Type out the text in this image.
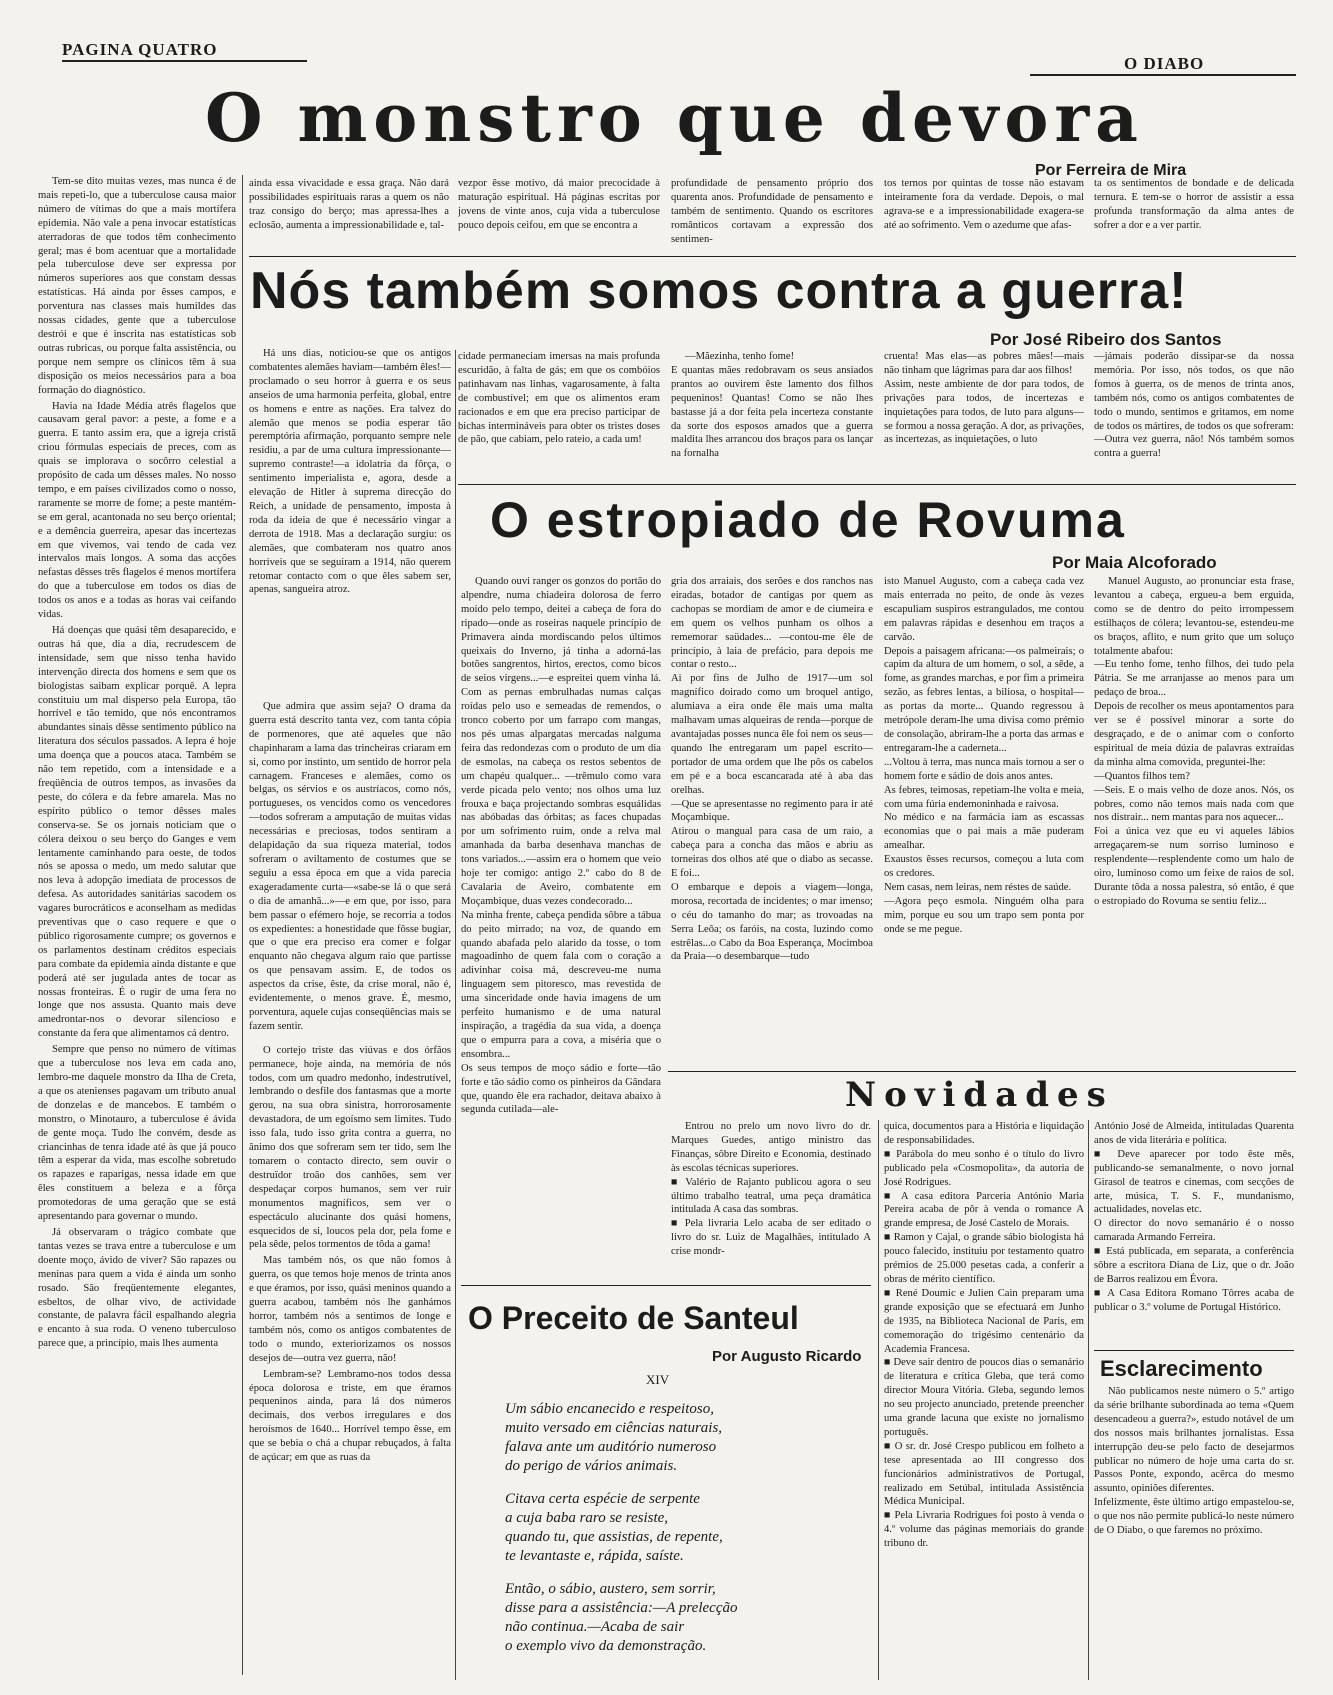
PAGINA QUATRO
O DIABO
O monstro que devora
Por Ferreira de Mira

Tem-se dito muitas vezes, mas nunca é de mais repeti-lo, que a tuberculose causa maior número de vítimas do que a mais mortífera epidemia. Não vale a pena invocar estatísticas aterradoras de que todos têm conhecimento geral; mas é bom acentuar que a mortalidade pela tuberculose deve ser expressa por números superiores aos que constam dessas estatísticas. Há ainda por êsses campos, e porventura nas classes mais humildes das nossas cidades, gente que a tuberculose destrói e que é inscrita nas estatísticas sob outras rubricas, ou porque falta assistência, ou porque nem sempre os clínicos têm à sua disposição os meios necessários para a boa formação do diagnóstico.

Havia na Idade Média atrês flagelos que causavam geral pavor: a peste, a fome e a guerra. E tanto assim era, que a igreja cristã criou fórmulas especiais de preces, com as quais se implorava o socôrro celestial a propósito de cada um dêsses males. No nosso tempo, e em países civilizados como o nosso, raramente se morre de fome; a peste mantém-se em geral, acantonada no seu berço oriental; e a demência guerreira, apesar das incertezas em que vivemos, vai tendo de cada vez intervalos mais longos. A soma das acções nefastas dêsses três flagelos é menos mortífera do que a tuberculose em todos os dias de todos os anos e a todas as horas vai ceifando vidas.

Há doenças que quási têm desaparecido, e outras há que, dia a dia, recrudescem de intensidade, sem que nisso tenha havido intervenção directa dos homens e sem que os biologistas saibam explicar porquê. A lepra constituiu um mal disperso pela Europa, tão horrível e tão temido, que nós encontramos abundantes sinais dêsse sentimento público na literatura dos séculos passados. A lepra é hoje uma doença que a poucos ataca. Também se não tem repetido, com a intensidade e a freqüência de outros tempos, as invasões da peste, do cólera e da febre amarela. Mas no espírito público o temor dêsses males conserva-se. Se os jornais noticiam que o cólera deixou o seu berço do Ganges e vem lentamente caminhando para oeste, de todos nós se apossa o medo, um medo salutar que nos leva à adopção imediata de processos de defesa. As autoridades sanitárias sacodem os vagares burocráticos e aconselham as medidas preventivas que o caso requere e que o público rigorosamente cumpre; os governos e os parlamentos destinam créditos especiais para combate da epidemia ainda distante e que poderá até ser jugulada antes de tocar as nossas fronteiras. É o rugir de uma fera no longe que nos assusta. Quanto mais deve amedrontar-nos o devorar silencioso e constante da fera que alimentamos cá dentro.

Sempre que penso no número de vítimas que a tuberculose nos leva em cada ano, lembro-me daquele monstro da Ilha de Creta, a que os atenienses pagavam um tributo anual de donzelas e de mancebos. E também o monstro, o Minotauro, a tuberculose é ávida de gente moça. Tudo lhe convém, desde as criancinhas de tenra idade até às que já pouco têm a esperar da vida, mas escolhe sobretudo os rapazes e raparigas, nessa idade em que êles constituem a beleza e a fôrça promotedoras de uma geração que se está apresentando para governar o mundo.

Já observaram o trágico combate que tantas vezes se trava entre a tuberculose e um doente moço, ávido de viver? São rapazes ou meninas para quem a vida é ainda um sonho rosado. São freqüentemente elegantes, esbeltos, de olhar vivo, de actividade constante, de palavra fácil espalhando alegria e encanto à sua roda. O veneno tuberculoso parece que, a princípio, mais lhes aumenta

ainda essa vivacidade e essa graça. Não dará possibilidades espirituais raras a quem os não traz consigo do berço; mas apressa-lhes a eclosão, aumenta a impressionabilidade e, tal-

vezpor êsse motivo, dá maior precocidade à maturação espiritual. Há páginas escritas por jovens de vinte anos, cuja vida a tuberculose pouco depois ceifou, em que se encontra a

profundidade de pensamento próprio dos quarenta anos. Profundidade de pensamento e também de sentimento. Quando os escritores românticos cortavam a expressão dos sentimen-

tos ternos por quintas de tosse não estavam inteiramente fora da verdade. Depois, o mal agrava-se e a impressionabilidade exagera-se até ao sofrimento. Vem o azedume que afas-

ta os sentimentos de bondade e de delicada ternura. E tem-se o horror de assistir a essa profunda transformação da alma antes de sofrer a dor e a ver partir.

Nós também somos contra a guerra!
Por José Ribeiro dos Santos

Há uns dias, noticiou-se que os antigos combatentes alemães haviam—também êles!—proclamado o seu horror à guerra e os seus anseios de uma harmonia perfeita, global, entre os homens e entre as nações. Era talvez do alemão que menos se podia esperar tão peremptória afirmação, porquanto sempre nele residiu, a par de uma cultura impressionante—supremo contraste!—a idolatria da fôrça, o sentimento imperialista e, agora, desde a elevação de Hitler à suprema direcção do Reich, a unidade de pensamento, imposta à roda da ideia de que é necessário vingar a derrota de 1918. Mas a declaração surgiu: os alemães, que combateram nos quatro anos horríveis que se seguiram a 1914, não querem retomar contacto com o que êles sabem ser, apenas, sangueira atroz.

cidade permaneciam imersas na mais profunda escuridão, à falta de gás; em que os combóios patinhavam nas linhas, vagarosamente, à falta de combustível; em que os alimentos eram racionados e em que era preciso participar de bichas intermináveis para obter os tristes doses de pão, que cabiam, pelo rateio, a cada um!

—Mãezinha, tenho fome!
E quantas mães redobravam os seus ansiados prantos ao ouvirem êste lamento dos filhos pequeninos! Quantas! Como se não lhes bastasse já a dor feita pela incerteza constante da sorte dos esposos amados que a guerra maldita lhes arrancou dos braços para os lançar na fornalha

cruenta! Mas elas—as pobres mães!—mais não tinham que lágrimas para dar aos filhos!
Assim, neste ambiente de dor para todos, de privações para todos, de incertezas e inquietações para todos, de luto para alguns—se formou a nossa geração. A dor, as privações, as incertezas, as inquietações, o luto

—jámais poderão dissipar-se da nossa memória. Por isso, nós todos, os que não fomos à guerra, os de menos de trinta anos, também nós, como os antigos combatentes de todo o mundo, sentimos e gritamos, em nome de todos os mártires, de todos os que sofreram:—Outra vez guerra, não! Nós também somos contra a guerra!

Que admira que assim seja? O drama da guerra está descrito tanta vez, com tanta cópia de pormenores, que até aqueles que não chapinharam a lama das trincheiras criaram em si, como por instinto, um sentido de horror pela carnagem. Franceses e alemães, como os belgas, os sérvios e os austríacos, como nós, portugueses, os vencidos como os vencedores—todos sofreram a amputação de muitas vidas necessárias e preciosas, todos sentiram a delapidação da sua riqueza material, todos sofreram o aviltamento de costumes que se seguiu a essa época em que a vida parecia exageradamente curta—«sabe-se lá o que será o dia de amanhã...»—e em que, por isso, para bem passar o efémero hoje, se recorria a todos os expedientes: a honestidade que fôsse bugiar, que o que era preciso era comer e folgar enquanto não chegava algum raio que partisse os que pensavam assim. E, de todos os aspectos da crise, êste, da crise moral, não é, evidentemente, o menos grave. É, mesmo, porventura, aquele cujas conseqüências mais se fazem sentir.

O cortejo triste das viúvas e dos órfãos permanece, hoje ainda, na memória de nós todos, com um quadro medonho, indestrutível, lembrando o desfile dos fantasmas que a morte gerou, na sua obra sinistra, horrorosamente devastadora, de um egoísmo sem limites. Tudo isso fala, tudo isso grita contra a guerra, no ânimo dos que sofreram sem ter tido, sem lhe tomarem o contacto directo, sem ouvir o destruïdor troão dos canhões, sem ver despedaçar corpos humanos, sem ver ruir monumentos magníficos, sem ver o espectáculo alucinante dos quási homens, esquecidos de si, loucos pela dor, pela fome e pela sêde, pelos tormentos de tôda a gama!

Mas também nós, os que não fomos à guerra, os que temos hoje menos de trinta anos e que éramos, por isso, quási meninos quando a guerra acabou, também nós lhe ganhámos horror, também nós a sentimos de longe e também nós, como os antigos combatentes de todo o mundo, exteriorizamos os nossos desejos de—outra vez guerra, não!

Lembram-se? Lembramo-nos todos dessa época dolorosa e triste, em que éramos pequeninos ainda, para lá dos números decimais, dos verbos irregulares e dos heroísmos de 1640... Horrível tempo êsse, em que se bebia o chá a chupar rebuçados, à falta de açúcar; em que as ruas da

O estropiado de Rovuma
Por Maia Alcoforado

Quando ouvi ranger os gonzos do portão do alpendre, numa chiadeira dolorosa de ferro moído pelo tempo, deitei a cabeça de fora do ripado—onde as roseiras naquele princípio de Primavera ainda mordiscando pelos últimos queixais do Inverno, já tinha a adorná-las botões sangrentos, hirtos, erectos, como bicos de seios virgens...—e espreitei quem vinha lá. Com as pernas embrulhadas numas calças roídas pelo uso e semeadas de remendos, o tronco coberto por um farrapo com mangas, nos pés umas alpargatas mercadas nalguma feira das redondezas com o produto de um dia de esmolas, na cabeça os restos sebentos de um chapéu qualquer... —trêmulo como vara verde picada pelo vento; nos olhos uma luz frouxa e baça projectando sombras esquálidas nas abóbadas das órbitas; as faces chupadas por um sofrimento ruim, onde a relva mal amanhada da barba desenhava manchas de tons variados...—assim era o homem que veio hoje ter comigo: antigo 2.º cabo do 8 de Cavalaria de Aveiro, combatente em Moçambique, duas vezes condecorado...
Na minha frente, cabeça pendida sôbre a tábua do peito mirrado; na voz, de quando em quando abafada pelo alarido da tosse, o tom magoadinho de quem fala com o coração a adivinhar coisa má, descreveu-me numa linguagem sem pitoresco, mas revestida de uma sinceridade onde havia imagens de um perfeito humanismo e de uma natural inspiração, a tragédia da sua vida, a doença que o empurra para a cova, a miséria que o ensombra...
Os seus tempos de moço sádio e forte—tão forte e tão sádio como os pinheiros da Gândara que, quando êle era rachador, deitava abaixo à segunda cutilada—ale-

gria dos arraiais, dos serões e dos ranchos nas eiradas, botador de cantigas por quem as cachopas se mordiam de amor e de ciumeira e em quem os velhos punham os olhos a rememorar saüdades... —contou-me êle de princípio, à laia de prefácio, para depois me contar o resto...
Ai por fins de Julho de 1917—um sol magnífico doirado como um broquel antigo, alumiava a eira onde êle mais uma malta malhavam umas alqueiras de renda—porque de avantajadas posses nunca êle foi nem os seus—quando lhe entregaram um papel escrito—portador de uma ordem que lhe pôs os cabelos em pé e a boca escancarada até à aba das orelhas.
—Que se apresentasse no regimento para ir até Moçambique.
Atirou o mangual para casa de um raio, a cabeça para a concha das mãos e abriu as torneiras dos olhos até que o diabo as secasse. E foi...
O embarque e depois a viagem—longa, morosa, recortada de incidentes; o mar imenso; o céu do tamanho do mar; as trovoadas na Serra Leôa; os faróis, na costa, luzindo como estrêlas...o Cabo da Boa Esperança, Mocimboa da Praia—o desembarque—tudo

isto Manuel Augusto, com a cabeça cada vez mais enterrada no peito, de onde às vezes escapuliam suspiros estrangulados, me contou em palavras rápidas e desenhou em traços a carvão.
Depois a paisagem africana:—os palmeirais; o capim da altura de um homem, o sol, a sêde, a fome, as grandes marchas, e por fim a primeira sezão, as febres lentas, a biliosa, o hospital—as portas da morte... Quando regressou à metrópole deram-lhe uma divisa como prémio de consolação, abriram-lhe a porta das armas e entregaram-lhe a caderneta...
...Voltou à terra, mas nunca mais tornou a ser o homem forte e sádio de dois anos antes.
As febres, teimosas, repetiam-lhe volta e meia, com uma fúria endemoninhada e raivosa.
No médico e na farmácia iam as escassas economias que o pai mais a mãe puderam amealhar.
Exaustos êsses recursos, começou a luta com os credores.
Nem casas, nem leiras, nem réstes de saúde.
—Agora peço esmola. Ninguém olha para mim, porque eu sou um trapo sem ponta por onde se me pegue.

Manuel Augusto, ao pronunciar esta frase, levantou a cabeça, ergueu-a bem erguida, como se de dentro do peito irrompessem estilhaços de cólera; levantou-se, estendeu-me os braços, aflito, e num grito que um soluço totalmente abafou:
—Eu tenho fome, tenho filhos, dei tudo pela Pátria. Se me arranjasse ao menos para um pedaço de broa...
Depois de recolher os meus apontamentos para ver se é possível minorar a sorte do desgraçado, e de o animar com o conforto espiritual de meia dúzia de palavras extraídas da minha alma comovida, preguntei-lhe:
—Quantos filhos tem?
—Seis. E o mais velho de doze anos. Nós, os pobres, como não temos mais nada com que nos distrair... nem mantas para nos aquecer...
Foi a única vez que eu vi aqueles lábios arregaçarem-se num sorriso luminoso e resplendente—resplendente como um halo de oiro, luminoso como um feixe de raios de sol. Durante tôda a nossa palestra, só então, é que o estropiado do Rovuma se sentiu feliz...

Novidades

Entrou no prelo um novo livro do dr. Marques Guedes, antigo ministro das Finanças, sôbre Direito e Economia, destinado às escolas técnicas superiores.
■ Valério de Rajanto publicou agora o seu último trabalho teatral, uma peça dramática intitulada A casa das sombras.
■ Pela livraria Lelo acaba de ser editado o livro do sr. Luiz de Magalhães, intitulado A crise mondr-

quica, documentos para a História e liquidação de responsabilidades.
■ Parábola do meu sonho é o título do livro publicado pela «Cosmopolita», da autoria de José Rodrigues.
■ A casa editora Parceria António Maria Pereira acaba de pôr à venda o romance A grande empresa, de José Castelo de Morais.
■ Ramon y Cajal, o grande sábio biologista há pouco falecido, instituiu por testamento quatro prémios de 25.000 pesetas cada, a conferir a obras de mérito científico.
■ René Doumic e Julien Cain preparam uma grande exposição que se efectuará em Junho de 1935, na Biblioteca Nacional de Paris, em comemoração do trigésimo centenário da Academia Francesa.
■ Deve sair dentro de poucos dias o semanário de literatura e crítica Gleba, que terá como director Moura Vitória. Gleba, segundo lemos no seu projecto anunciado, pretende preencher uma grande lacuna que existe no jornalismo português.
■ O sr. dr. José Crespo publicou em folheto a tese apresentada ao III congresso dos funcionários administrativos de Portugal, realizado em Setúbal, intitulada Assistência Médica Municipal.
■ Pela Livraria Rodrigues foi posto à venda o 4.º volume das páginas memoriais do grande tribuno dr.

António José de Almeida, intituladas Quarenta anos de vida literária e política.
■ Deve aparecer por todo êste mês, publicando-se semanalmente, o novo jornal Girasol de teatros e cinemas, com secções de arte, música, T. S. F., mundanismo, actualidades, novelas etc.
O director do novo semanário é o nosso camarada Armando Ferreira.
■ Está publicada, em separata, a conferência sôbre a escritora Diana de Liz, que o dr. João de Barros realizou em Évora.
■ A Casa Editora Romano Tôrres acaba de publicar o 3.º volume de Portugal Histórico.

O Preceito de Santeul
Por Augusto Ricardo
XIV

Um sábio encanecido e respeitoso,
muito versado em ciências naturais,
falava ante um auditório numeroso
do perigo de vários animais.

Citava certa espécie de serpente
a cuja baba raro se resiste,
quando tu, que assistias, de repente,
te levantaste e, rápida, saíste.

Então, o sábio, austero, sem sorrir,
disse para a assistência:—A prelecção
não continua.—Acaba de sair
o exemplo vivo da demonstração.

Esclarecimento

Não publicamos neste número o 5.º artigo da série brilhante subordinada ao tema «Quem desencadeou a guerra?», estudo notável de um dos nossos mais brilhantes jornalistas. Essa interrupção deu-se pelo facto de desejarmos publicar no número de hoje uma carta do sr. Passos Ponte, expondo, acêrca do mesmo assunto, opiniões diferentes.
Infelizmente, êste último artigo empastelou-se, o que nos não permite publicá-lo neste número de O Diabo, o que faremos no próximo.
